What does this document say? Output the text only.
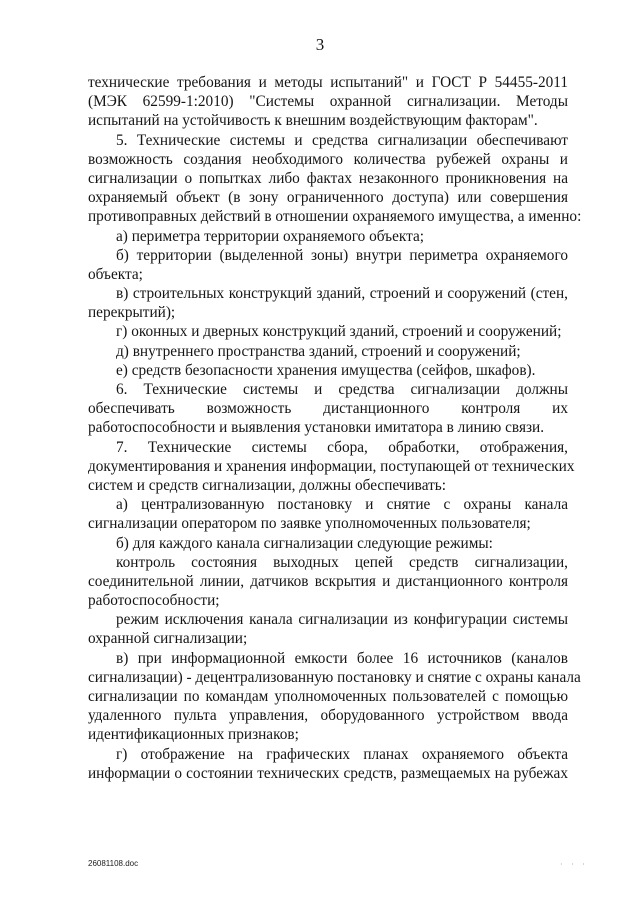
3
технические требования и методы испытаний" и ГОСТ Р 54455-2011
(МЭК 62599-1:2010) "Системы охранной сигнализации. Методы
испытаний на устойчивость к внешним воздействующим факторам".
5. Технические системы и средства сигнализации обеспечивают
возможность создания необходимого количества рубежей охраны и
сигнализации о попытках либо фактах незаконного проникновения на
охраняемый объект (в зону ограниченного доступа) или совершения
противоправных действий в отношении охраняемого имущества, а именно:
а) периметра территории охраняемого объекта;
б) территории (выделенной зоны) внутри периметра охраняемого
объекта;
в) строительных конструкций зданий, строений и сооружений (стен,
перекрытий);
г) оконных и дверных конструкций зданий, строений и сооружений;
д) внутреннего пространства зданий, строений и сооружений;
е) средств безопасности хранения имущества (сейфов, шкафов).
6. Технические системы и средства сигнализации должны
обеспечивать возможность дистанционного контроля их
работоспособности и выявления установки имитатора в линию связи.
7. Технические системы сбора, обработки, отображения,
документирования и хранения информации, поступающей от технических
систем и средств сигнализации, должны обеспечивать:
а) централизованную постановку и снятие с охраны канала
сигнализации оператором по заявке уполномоченных пользователя;
б) для каждого канала сигнализации следующие режимы:
контроль состояния выходных цепей средств сигнализации,
соединительной линии, датчиков вскрытия и дистанционного контроля
работоспособности;
режим исключения канала сигнализации из конфигурации системы
охранной сигнализации;
в) при информационной емкости более 16 источников (каналов
сигнализации) - децентрализованную постановку и снятие с охраны канала
сигнализации по командам уполномоченных пользователей с помощью
удаленного пульта управления, оборудованного устройством ввода
идентификационных признаков;
г) отображение на графических планах охраняемого объекта
информации о состоянии технических средств, размещаемых на рубежах
26081108.doc	· · ·
